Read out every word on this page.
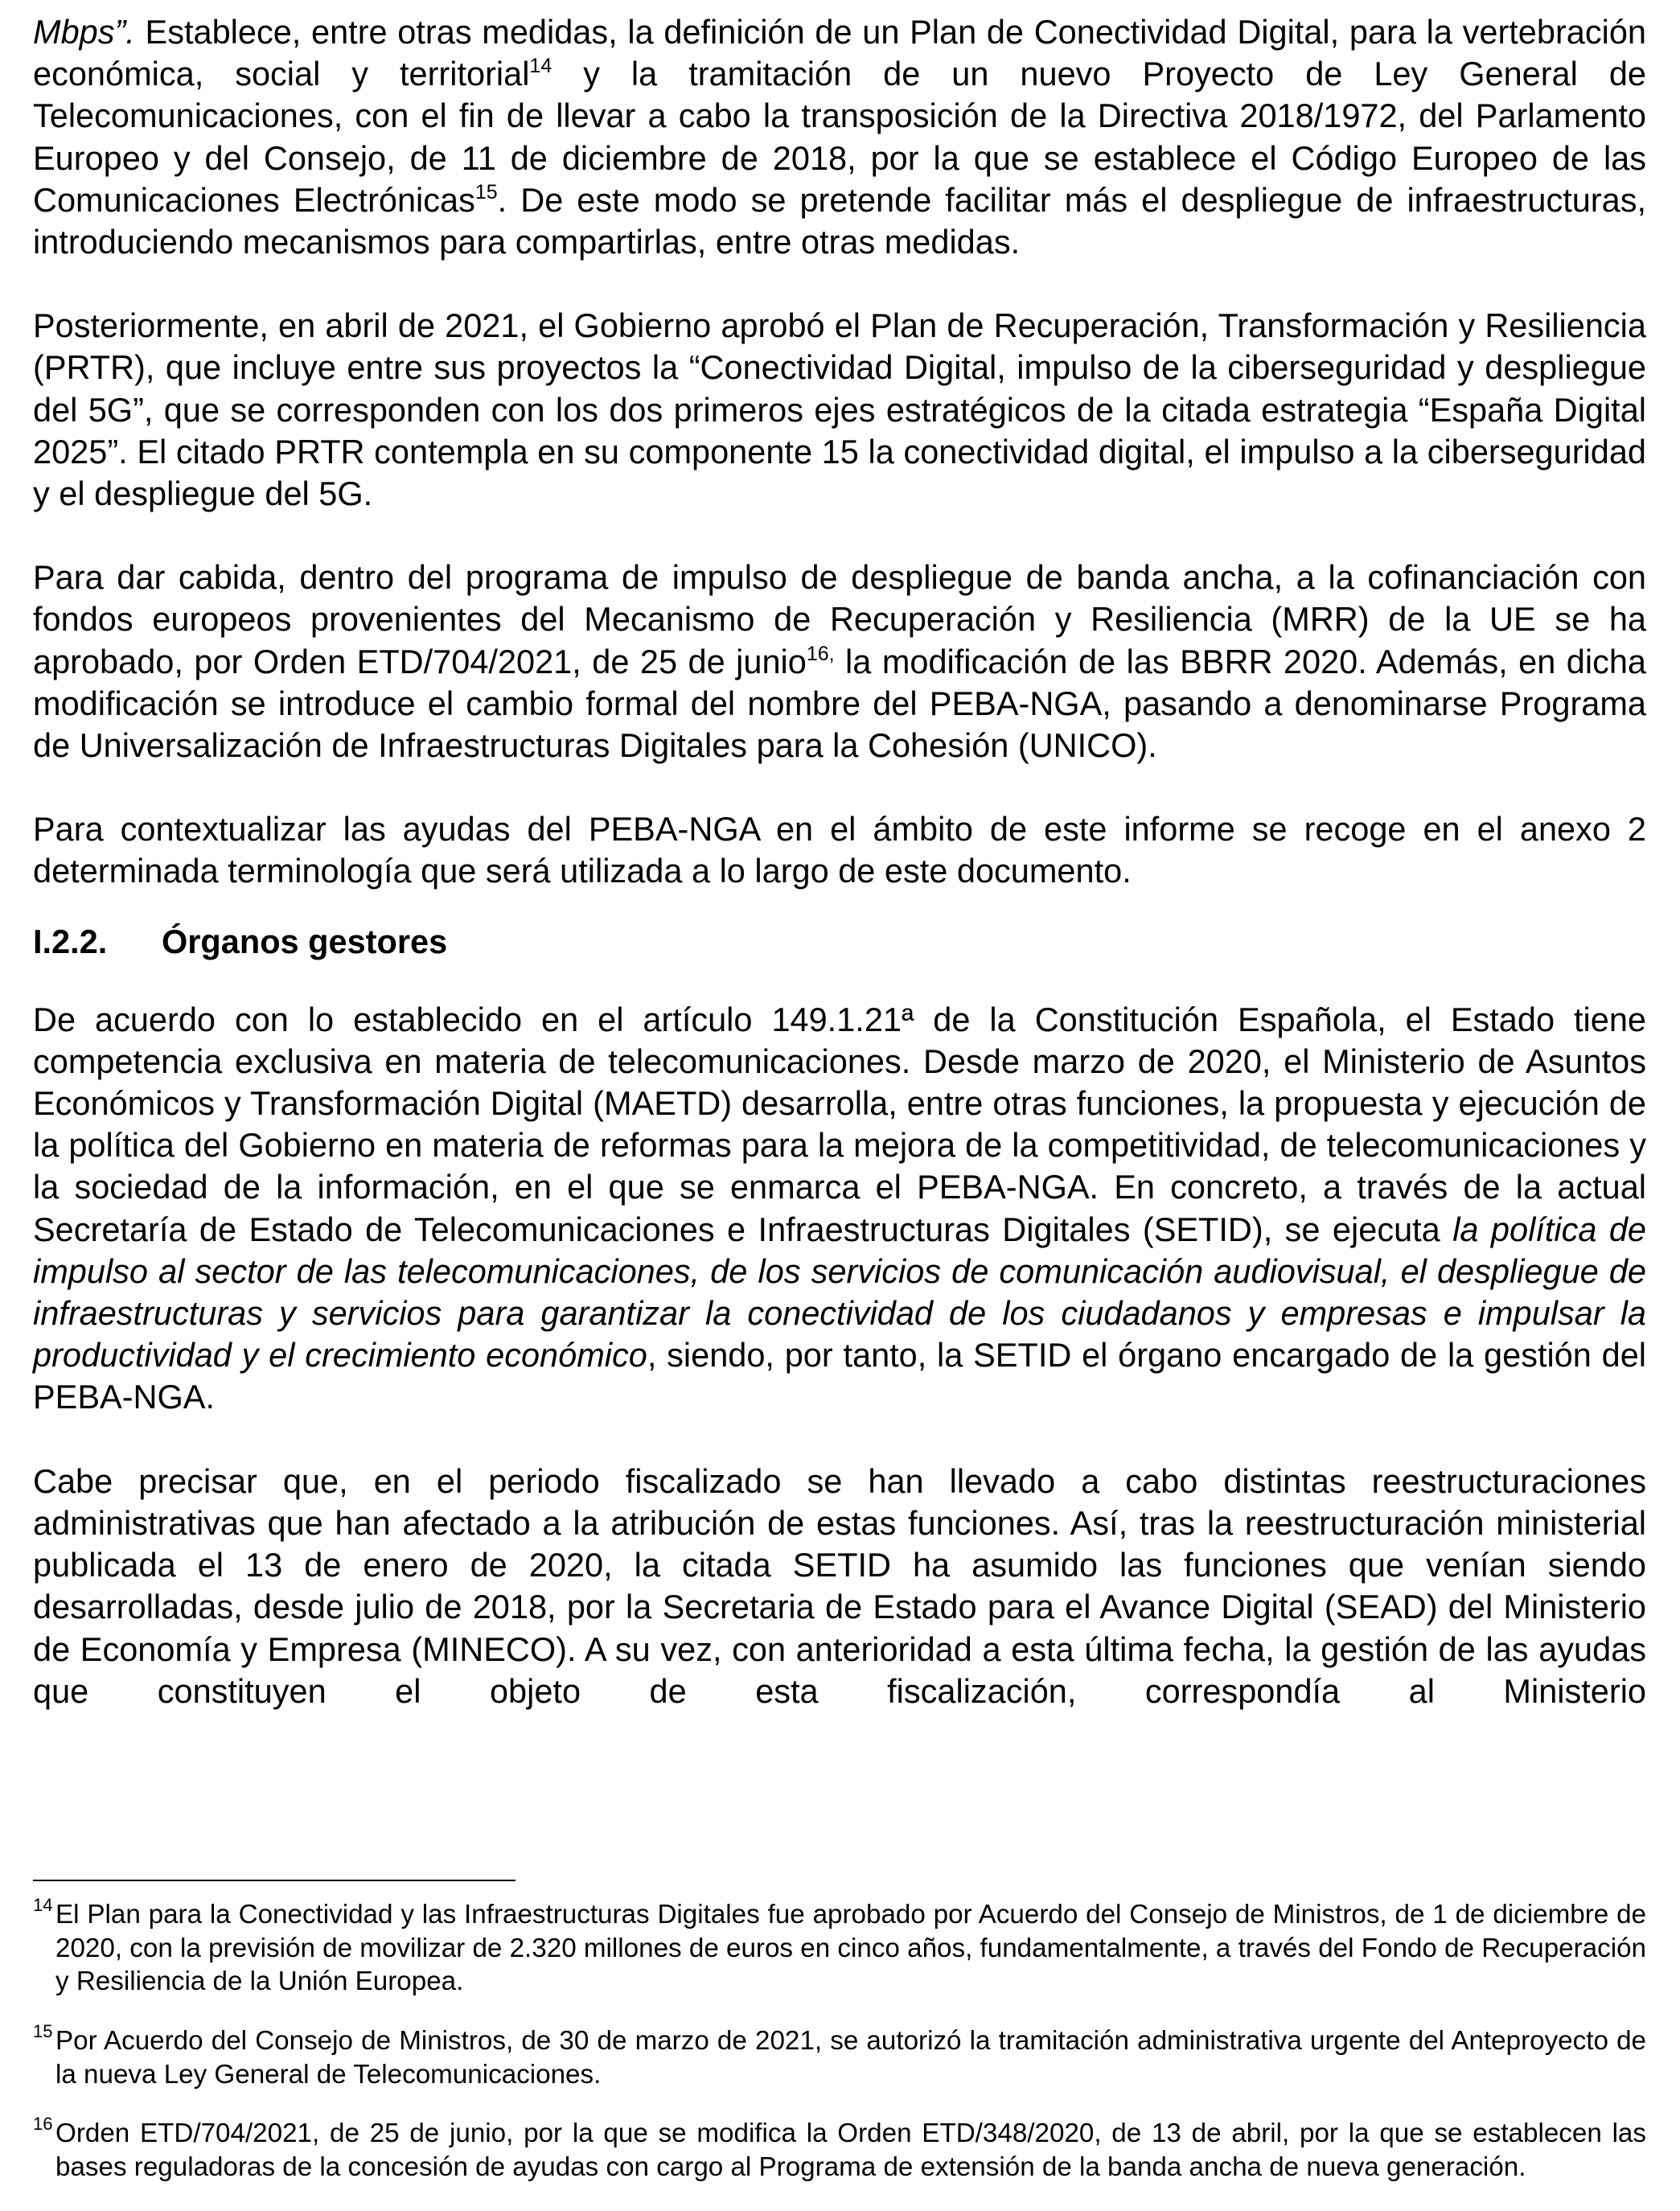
Mbps”. Establece, entre otras medidas, la definición de un Plan de Conectividad Digital, para la vertebración económica, social y territorial$^{14}$ y la tramitación de un nuevo Proyecto de Ley General de Telecomunicaciones, con el fin de llevar a cabo la transposición de la Directiva 2018/1972, del Parlamento Europeo y del Consejo, de 11 de diciembre de 2018, por la que se establece el Código Europeo de las Comunicaciones Electrónicas$^{15}$. De este modo se pretende facilitar más el despliegue de infraestructuras, introduciendo mecanismos para compartirlas, entre otras medidas.

Posteriormente, en abril de 2021, el Gobierno aprobó el Plan de Recuperación, Transformación y Resiliencia (PRTR), que incluye entre sus proyectos la “Conectividad Digital, impulso de la ciberseguridad y despliegue del 5G”, que se corresponden con los dos primeros ejes estratégicos de la citada estrategia “España Digital 2025”. El citado PRTR contempla en su componente 15 la conectividad digital, el impulso a la ciberseguridad y el despliegue del 5G.

Para dar cabida, dentro del programa de impulso de despliegue de banda ancha, a la cofinanciación con fondos europeos provenientes del Mecanismo de Recuperación y Resiliencia (MRR) de la UE se ha aprobado, por Orden ETD/704/2021, de 25 de junio$^{16,}$ la modificación de las BBRR 2020. Además, en dicha modificación se introduce el cambio formal del nombre del PEBA-NGA, pasando a denominarse Programa de Universalización de Infraestructuras Digitales para la Cohesión (UNICO).

Para contextualizar las ayudas del PEBA-NGA en el ámbito de este informe se recoge en el anexo 2 determinada terminología que será utilizada a lo largo de este documento.

I.2.2.	Órganos gestores

De acuerdo con lo establecido en el artículo 149.1.21ª de la Constitución Española, el Estado tiene competencia exclusiva en materia de telecomunicaciones. Desde marzo de 2020, el Ministerio de Asuntos Económicos y Transformación Digital (MAETD) desarrolla, entre otras funciones, la propuesta y ejecución de la política del Gobierno en materia de reformas para la mejora de la competitividad, de telecomunicaciones y la sociedad de la información, en el que se enmarca el PEBA-NGA. En concreto, a través de la actual Secretaría de Estado de Telecomunicaciones e Infraestructuras Digitales (SETID), se ejecuta la política de impulso al sector de las telecomunicaciones, de los servicios de comunicación audiovisual, el despliegue de infraestructuras y servicios para garantizar la conectividad de los ciudadanos y empresas e impulsar la productividad y el crecimiento económico, siendo, por tanto, la SETID el órgano encargado de la gestión del PEBA-NGA.

Cabe precisar que, en el periodo fiscalizado se han llevado a cabo distintas reestructuraciones administrativas que han afectado a la atribución de estas funciones. Así, tras la reestructuración ministerial publicada el 13 de enero de 2020, la citada SETID ha asumido las funciones que venían siendo desarrolladas, desde julio de 2018, por la Secretaria de Estado para el Avance Digital (SEAD) del Ministerio de Economía y Empresa (MINECO). A su vez, con anterioridad a esta última fecha, la gestión de las ayudas que constituyen el objeto de esta fiscalización, correspondía al Ministerio

14 El Plan para la Conectividad y las Infraestructuras Digitales fue aprobado por Acuerdo del Consejo de Ministros, de 1 de diciembre de 2020, con la previsión de movilizar de 2.320 millones de euros en cinco años, fundamentalmente, a través del Fondo de Recuperación y Resiliencia de la Unión Europea.
15 Por Acuerdo del Consejo de Ministros, de 30 de marzo de 2021, se autorizó la tramitación administrativa urgente del Anteproyecto de la nueva Ley General de Telecomunicaciones.
16 Orden ETD/704/2021, de 25 de junio, por la que se modifica la Orden ETD/348/2020, de 13 de abril, por la que se establecen las bases reguladoras de la concesión de ayudas con cargo al Programa de extensión de la banda ancha de nueva generación.
